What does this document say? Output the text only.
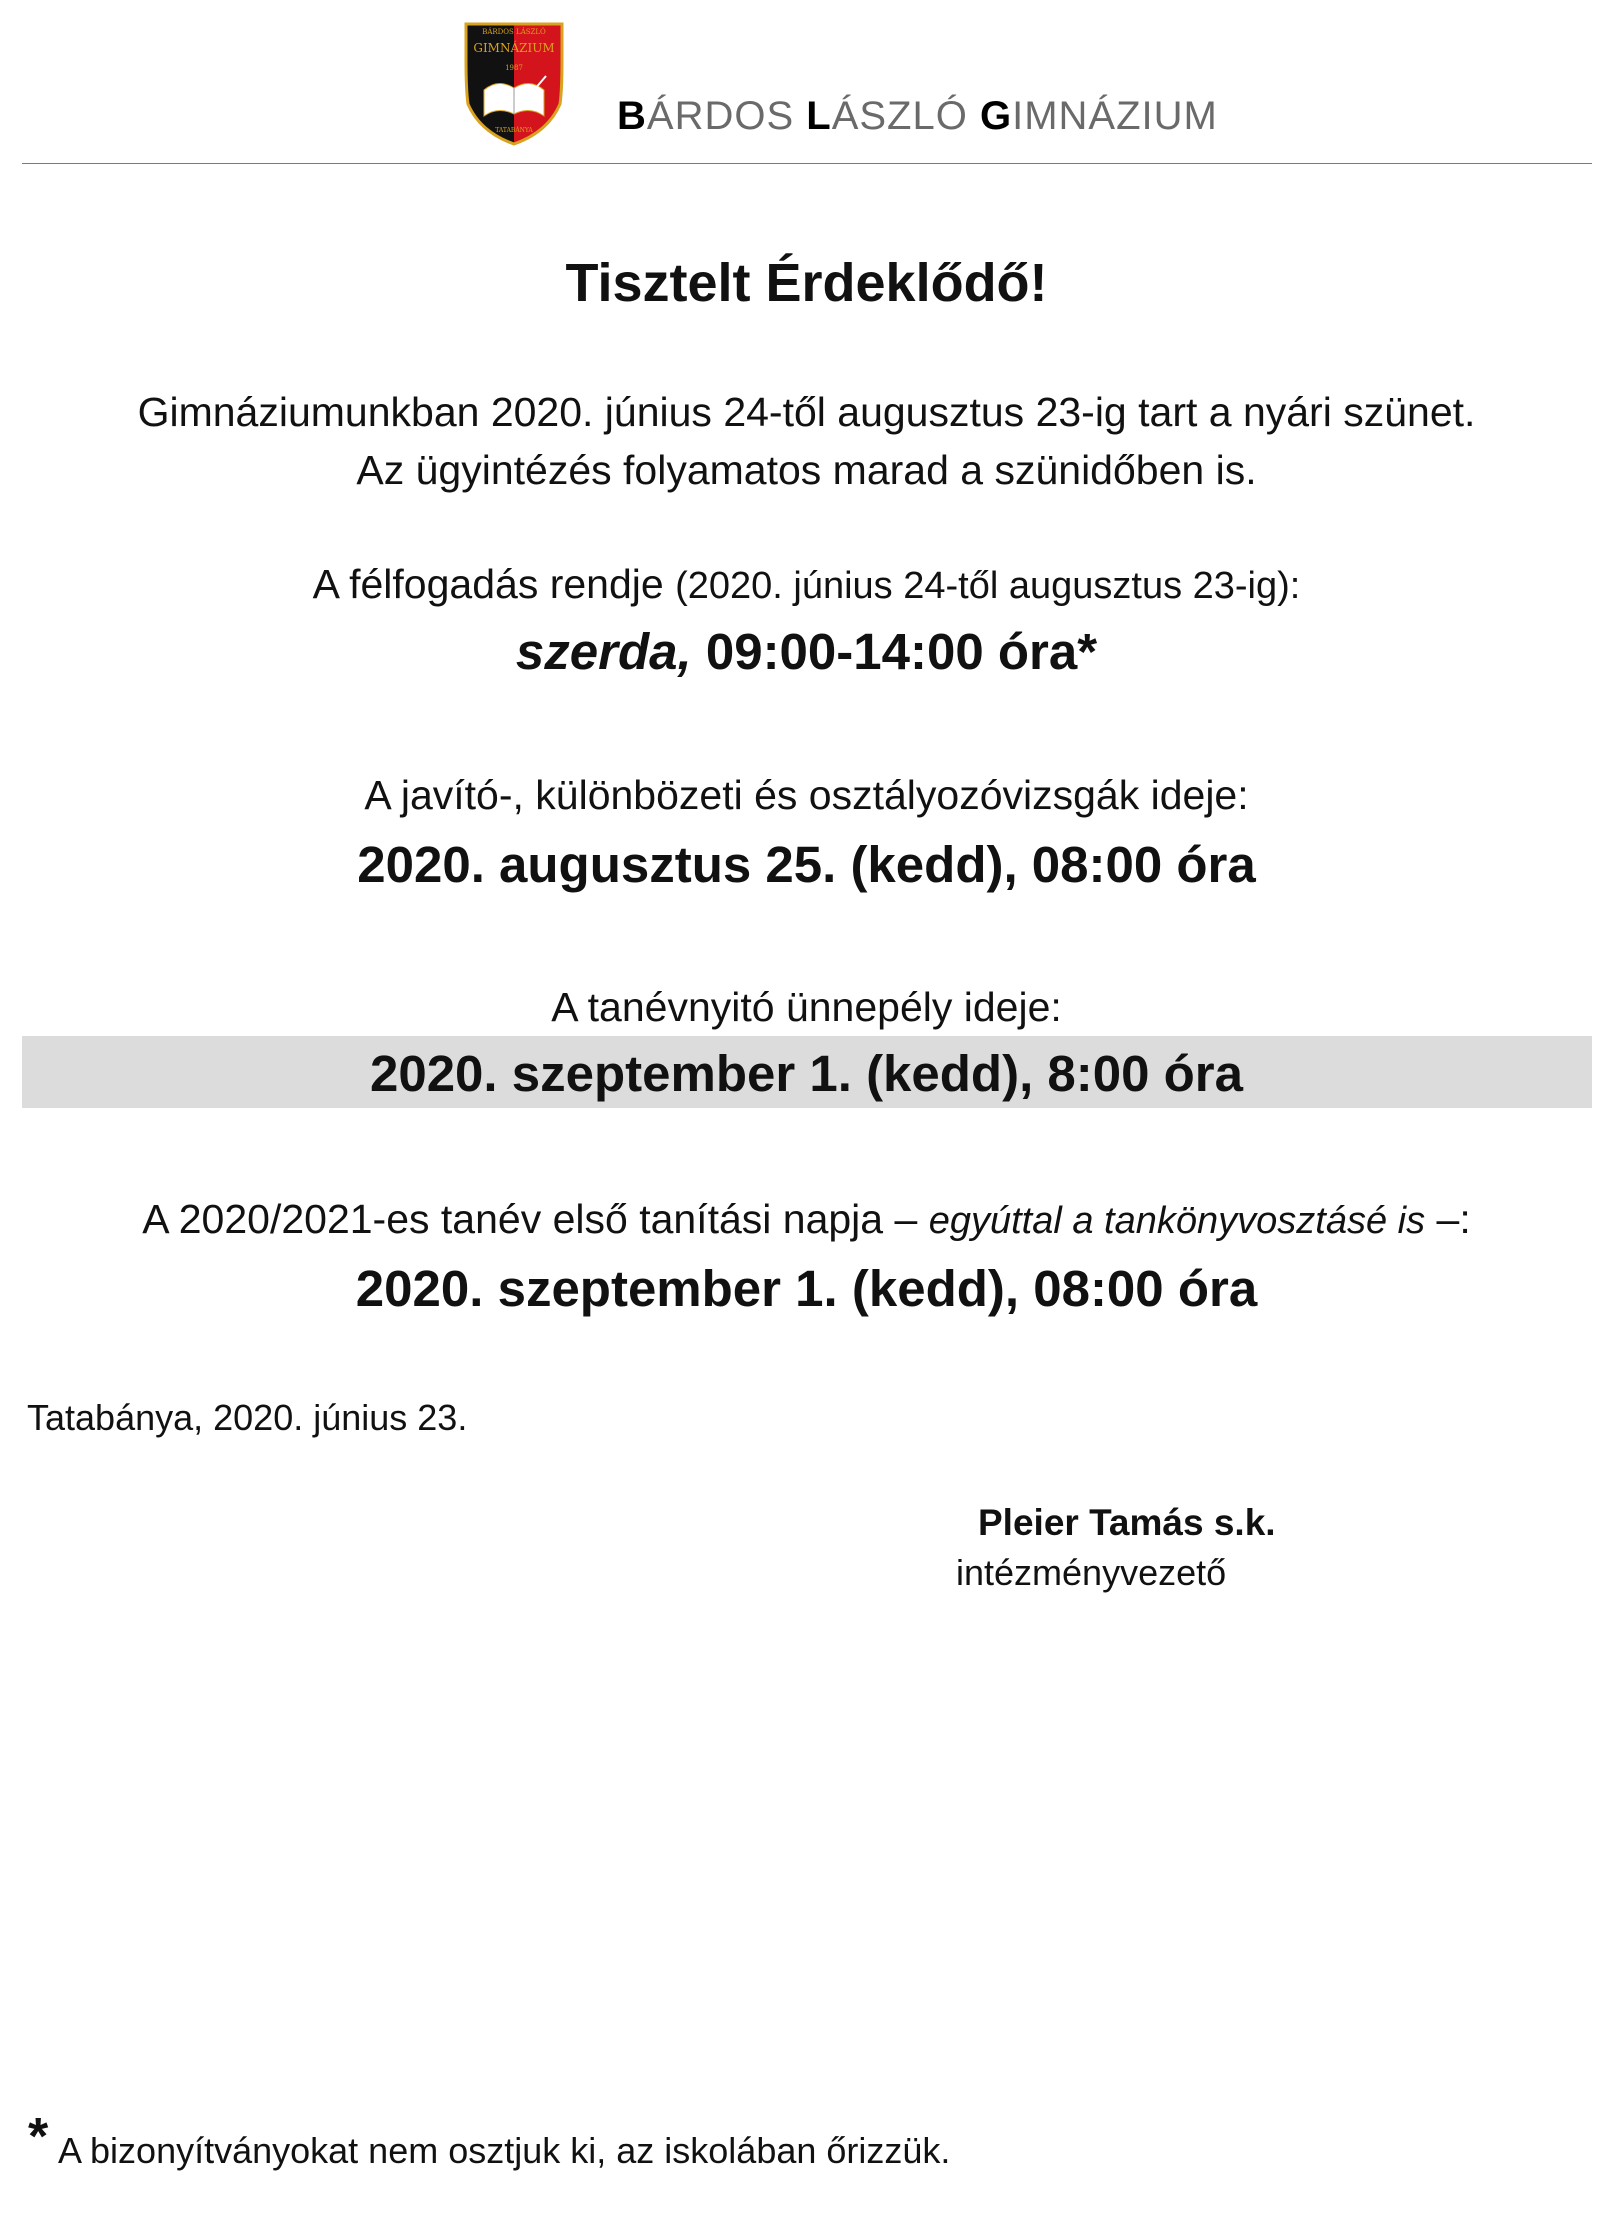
BÁRDOS LÁSZLÓ
GIMNÁZIUM
1987
TATABÁNYA BÁRDOS LÁSZLÓ GIMNÁZIUM
Tisztelt Érdeklődő!
Gimnáziumunkban 2020. június 24-től augusztus 23-ig tart a nyári szünet.
Az ügyintézés folyamatos marad a szünidőben is.
A félfogadás rendje (2020. június 24-től augusztus 23-ig):
szerda, 09:00-14:00 óra*
A javító-, különbözeti és osztályozóvizsgák ideje:
2020. augusztus 25. (kedd), 08:00 óra
A tanévnyitó ünnepély ideje:
2020. szeptember 1. (kedd), 8:00 óra
A 2020/2021-es tanév első tanítási napja – egyúttal a tankönyvosztásé is –:
2020. szeptember 1. (kedd), 08:00 óra
Tatabánya, 2020. június 23.
Pleier Tamás s.k.
intézményvezető
* A bizonyítványokat nem osztjuk ki, az iskolában őrizzük.
